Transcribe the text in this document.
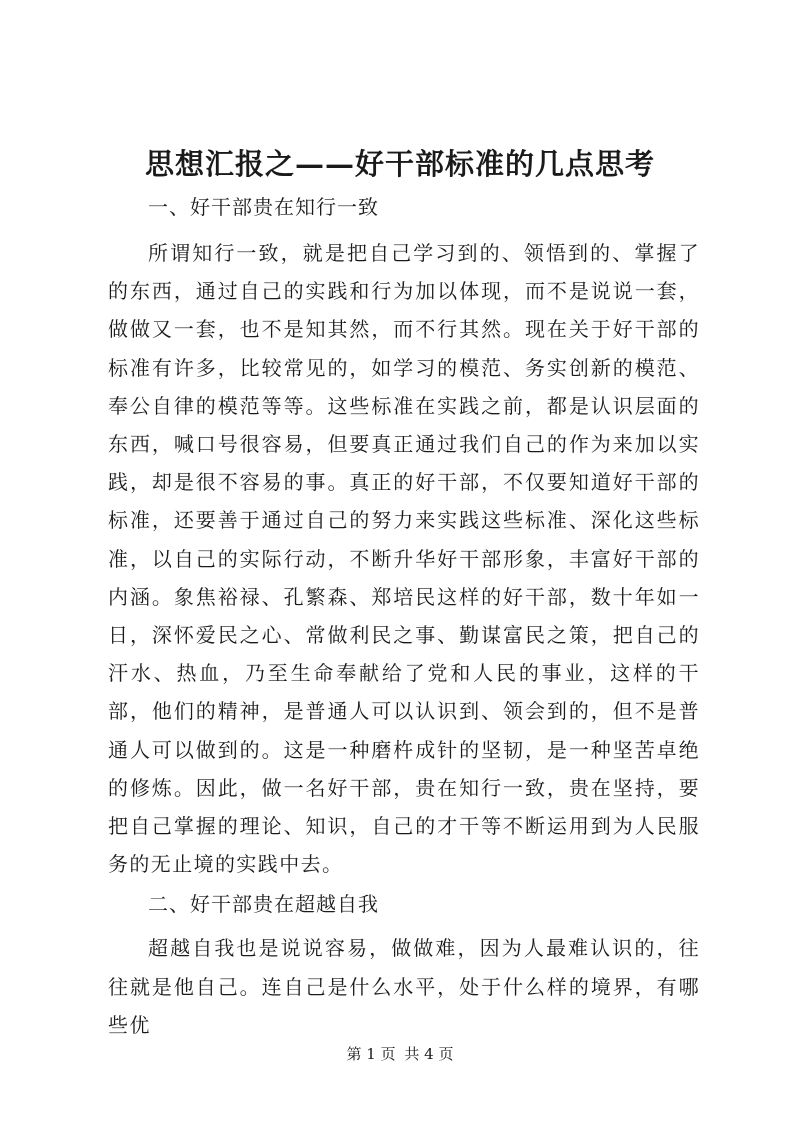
思想汇报之——好干部标准的几点思考

一、好干部贵在知行一致

所谓知行一致，就是把自己学习到的、领悟到的、掌握了的东西，通过自己的实践和行为加以体现，而不是说说一套，做做又一套，也不是知其然，而不行其然。现在关于好干部的标准有许多，比较常见的，如学习的模范、务实创新的模范、奉公自律的模范等等。这些标准在实践之前，都是认识层面的东西，喊口号很容易，但要真正通过我们自己的作为来加以实践，却是很不容易的事。真正的好干部，不仅要知道好干部的标准，还要善于通过自己的努力来实践这些标准、深化这些标准，以自己的实际行动，不断升华好干部形象，丰富好干部的内涵。象焦裕禄、孔繁森、郑培民这样的好干部，数十年如一日，深怀爱民之心、常做利民之事、勤谋富民之策，把自己的汗水、热血，乃至生命奉献给了党和人民的事业，这样的干部，他们的精神，是普通人可以认识到、领会到的，但不是普通人可以做到的。这是一种磨杵成针的坚韧，是一种坚苦卓绝的修炼。因此，做一名好干部，贵在知行一致，贵在坚持，要把自己掌握的理论、知识，自己的才干等不断运用到为人民服务的无止境的实践中去。

二、好干部贵在超越自我

超越自我也是说说容易，做做难，因为人最难认识的，往往就是他自己。连自己是什么水平，处于什么样的境界，有哪些优

第 1 页 共 4 页
